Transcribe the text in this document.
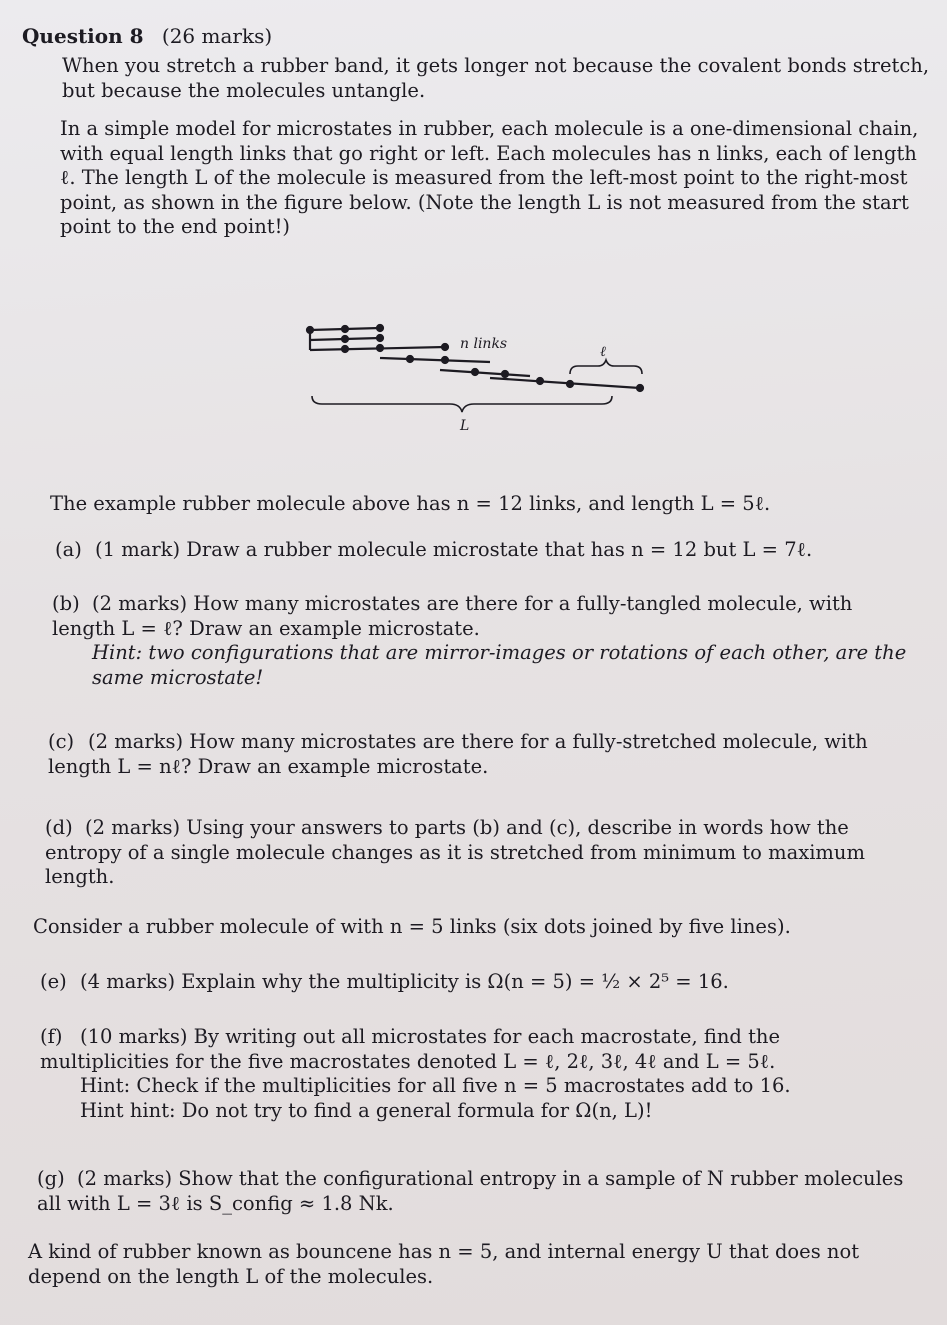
Question 8 (26 marks)
When you stretch a rubber band, it gets longer not because the covalent bonds stretch, but because the molecules untangle.
In a simple model for microstates in rubber, each molecule is a one-dimensional chain, with equal length links that go right or left. Each molecules has n links, each of length ℓ. The length L of the molecule is measured from the left-most point to the right-most point, as shown in the figure below. (Note the length L is not measured from the start point to the end point!)
n links	ℓ
L
The example rubber molecule above has n = 12 links, and length L = 5ℓ.
(a) (1 mark) Draw a rubber molecule microstate that has n = 12 but L = 7ℓ.
(b) (2 marks) How many microstates are there for a fully-tangled molecule, with length L = ℓ? Draw an example microstate.
Hint: two configurations that are mirror-images or rotations of each other, are the same microstate!
(c) (2 marks) How many microstates are there for a fully-stretched molecule, with length L = nℓ? Draw an example microstate.
(d) (2 marks) Using your answers to parts (b) and (c), describe in words how the entropy of a single molecule changes as it is stretched from minimum to maximum length.
Consider a rubber molecule of with n = 5 links (six dots joined by five lines).
(e) (4 marks) Explain why the multiplicity is Ω(n = 5) = ½ × 2⁵ = 16.
(f) (10 marks) By writing out all microstates for each macrostate, find the multiplicities for the five macrostates denoted L = ℓ, 2ℓ, 3ℓ, 4ℓ and L = 5ℓ.
Hint: Check if the multiplicities for all five n = 5 macrostates add to 16.
Hint hint: Do not try to find a general formula for Ω(n, L)!
(g) (2 marks) Show that the configurational entropy in a sample of N rubber molecules all with L = 3ℓ is S_config ≈ 1.8 Nk.
A kind of rubber known as bouncene has n = 5, and internal energy U that does not depend on the length L of the molecules.
